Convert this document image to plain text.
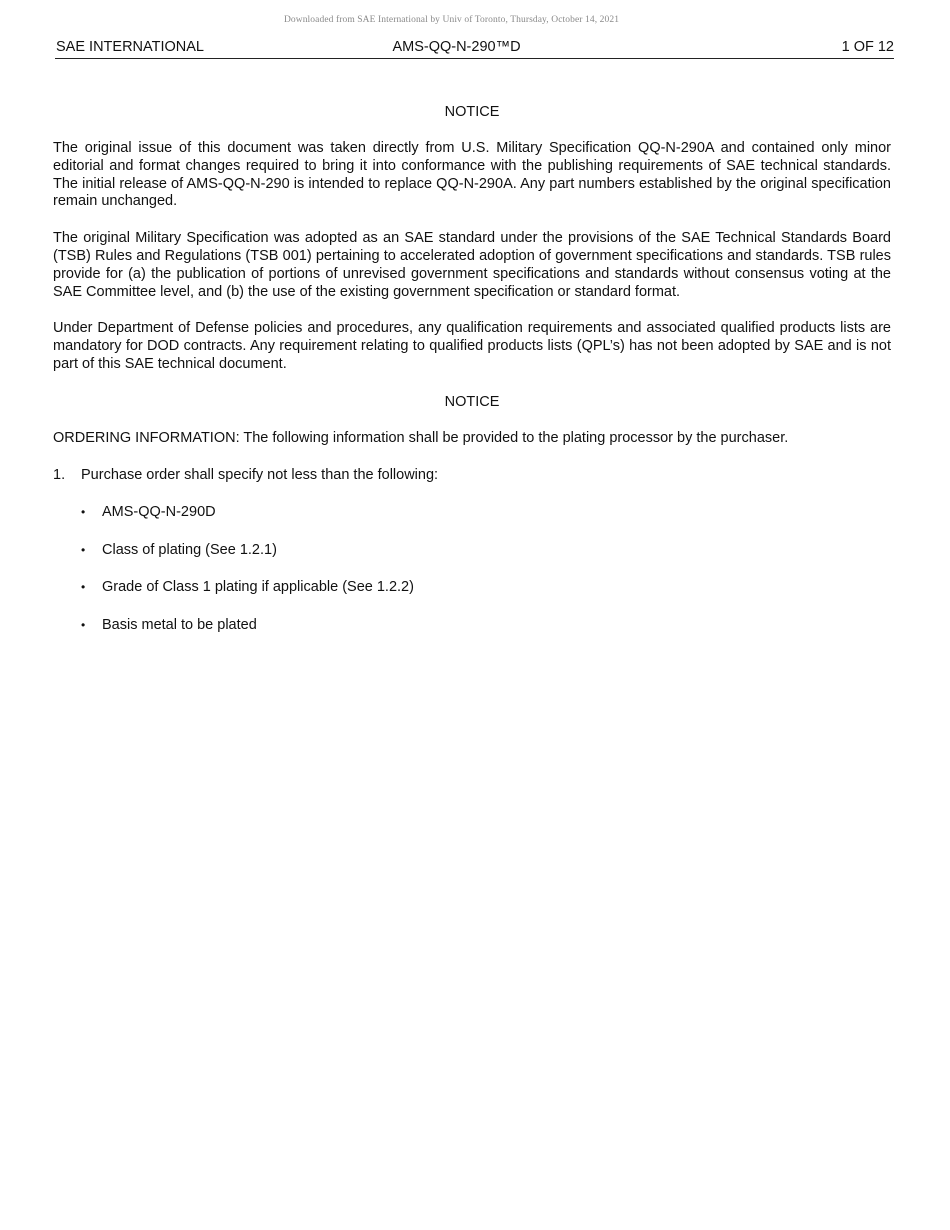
Downloaded from SAE International by Univ of Toronto, Thursday, October 14, 2021
SAE INTERNATIONAL	AMS-QQ-N-290™D	1 OF 12
NOTICE

The original issue of this document was taken directly from U.S. Military Specification QQ-N-290A and contained only minor editorial and format changes required to bring it into conformance with the publishing requirements of SAE technical standards. The initial release of AMS-QQ-N-290 is intended to replace QQ-N-290A. Any part numbers established by the original specification remain unchanged.

The original Military Specification was adopted as an SAE standard under the provisions of the SAE Technical Standards Board (TSB) Rules and Regulations (TSB 001) pertaining to accelerated adoption of government specifications and standards. TSB rules provide for (a) the publication of portions of unrevised government specifications and standards without consensus voting at the SAE Committee level, and (b) the use of the existing government specification or standard format.

Under Department of Defense policies and procedures, any qualification requirements and associated qualified products lists are mandatory for DOD contracts. Any requirement relating to qualified products lists (QPL’s) has not been adopted by SAE and is not part of this SAE technical document.

NOTICE

ORDERING INFORMATION: The following information shall be provided to the plating processor by the purchaser.

1.	Purchase order shall specify not less than the following:
•	AMS-QQ-N-290D
•	Class of plating (See 1.2.1)
•	Grade of Class 1 plating if applicable (See 1.2.2)
•	Basis metal to be plated
